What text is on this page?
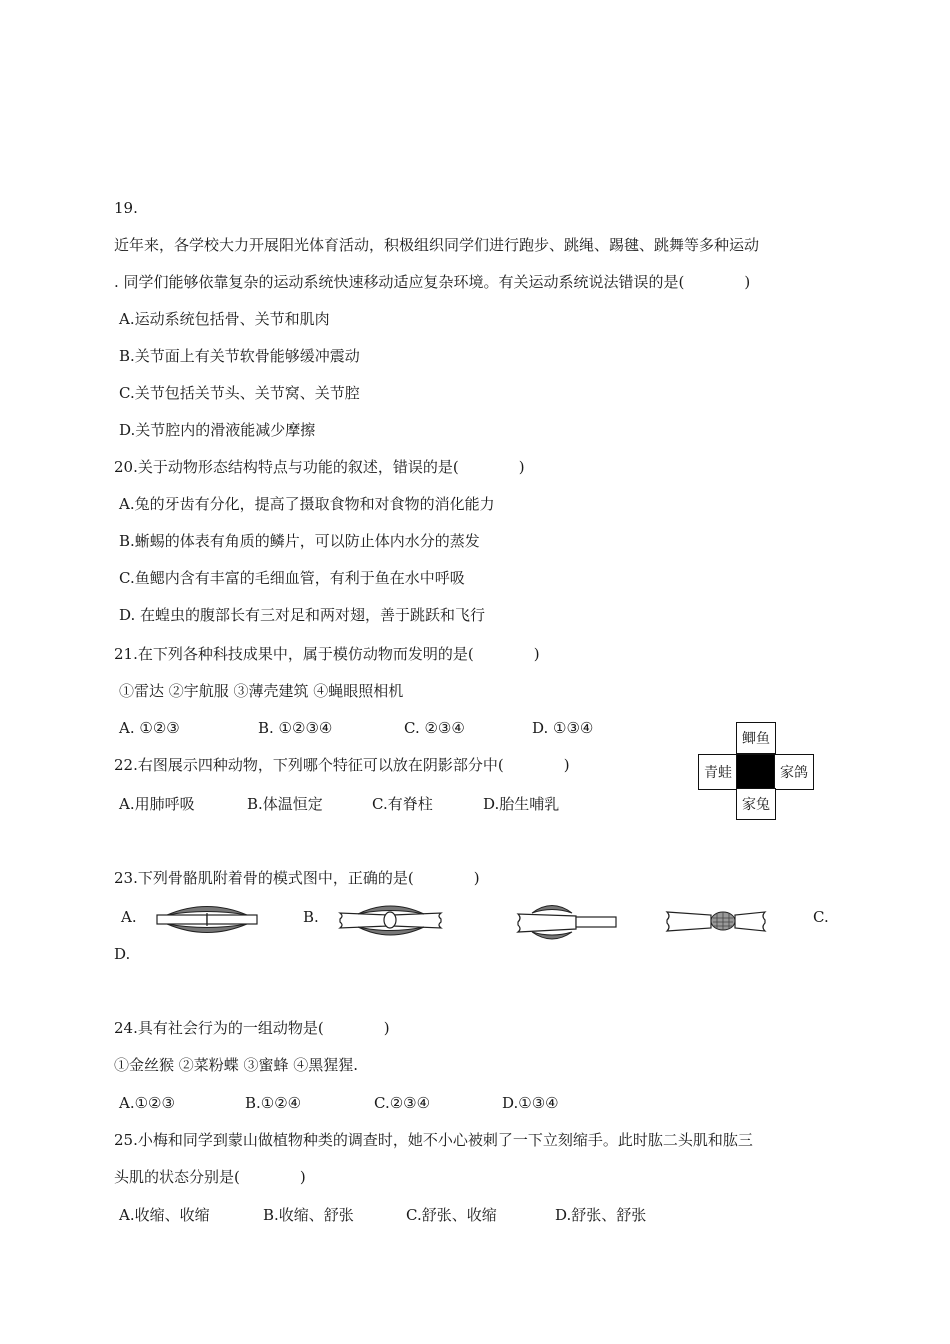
19.
近年来，各学校大力开展阳光体育活动，积极组织同学们进行跑步、跳绳、踢毽、跳舞等多种运动
. 同学们能够依靠复杂的运动系统快速移动适应复杂环境。有关运动系统说法错误的是(　　　　)
A.运动系统包括骨、关节和肌肉
B.关节面上有关节软骨能够缓冲震动
C.关节包括关节头、关节窝、关节腔
D.关节腔内的滑液能减少摩擦
20.关于动物形态结构特点与功能的叙述，错误的是(　　　　)
A.兔的牙齿有分化，提高了摄取食物和对食物的消化能力
B.蜥蜴的体表有角质的鳞片，可以防止体内水分的蒸发
C.鱼鳃内含有丰富的毛细血管，有利于鱼在水中呼吸
D. 在蝗虫的腹部长有三对足和两对翅，善于跳跃和飞行
21.在下列各种科技成果中，属于模仿动物而发明的是(　　　　)
①雷达 ②宇航服 ③薄壳建筑 ④蝇眼照相机
A. ①②③	B. ①②③④	C. ②③④	D. ①③④
22.右图展示四种动物，下列哪个特征可以放在阴影部分中(　　　　)
A.用肺呼吸	B.体温恒定	C.有脊柱	D.胎生哺乳
鲫鱼
青蛙	家鸽
家兔
23.下列骨骼肌附着骨的模式图中，正确的是(　　　　)
A.	B.	C.
D.
24.具有社会行为的一组动物是(　　　　)
①金丝猴 ②菜粉蝶 ③蜜蜂 ④黑猩猩.
A.①②③	B.①②④	C.②③④	D.①③④
25.小梅和同学到蒙山做植物种类的调查时，她不小心被刺了一下立刻缩手。此时肱二头肌和肱三
头肌的状态分别是(　　　　)
A.收缩、收缩	B.收缩、舒张	C.舒张、收缩	D.舒张、舒张
